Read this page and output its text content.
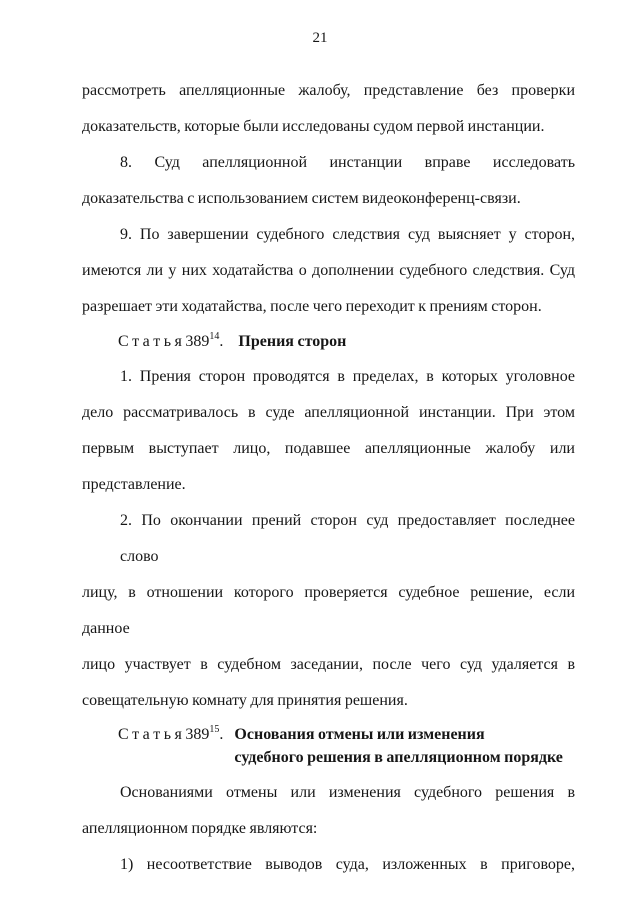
21
рассмотреть апелляционные жалобу, представление без проверки
доказательств, которые были исследованы судом первой инстанции.
8. Суд апелляционной инстанции вправе исследовать
доказательства с использованием систем видеоконференц-связи.
9. По завершении судебного следствия суд выясняет у сторон,
имеются ли у них ходатайства о дополнении судебного следствия. Суд
разрешает эти ходатайства, после чего переходит к прениям сторон.
С т а т ь я $389^{14}$. Прения сторон
1. Прения сторон проводятся в пределах, в которых уголовное
дело рассматривалось в суде апелляционной инстанции. При этом
первым выступает лицо, подавшее апелляционные жалобу или
представление.
2. По окончании прений сторон суд предоставляет последнее слово
лицу, в отношении которого проверяется судебное решение, если данное
лицо участвует в судебном заседании, после чего суд удаляется в
совещательную комнату для принятия решения.
С т а т ь я $389^{15}$. Основания отмены или изменения
судебного решения в апелляционном порядке
Основаниями отмены или изменения судебного решения в
апелляционном порядке являются:
1) несоответствие выводов суда, изложенных в приговоре,
